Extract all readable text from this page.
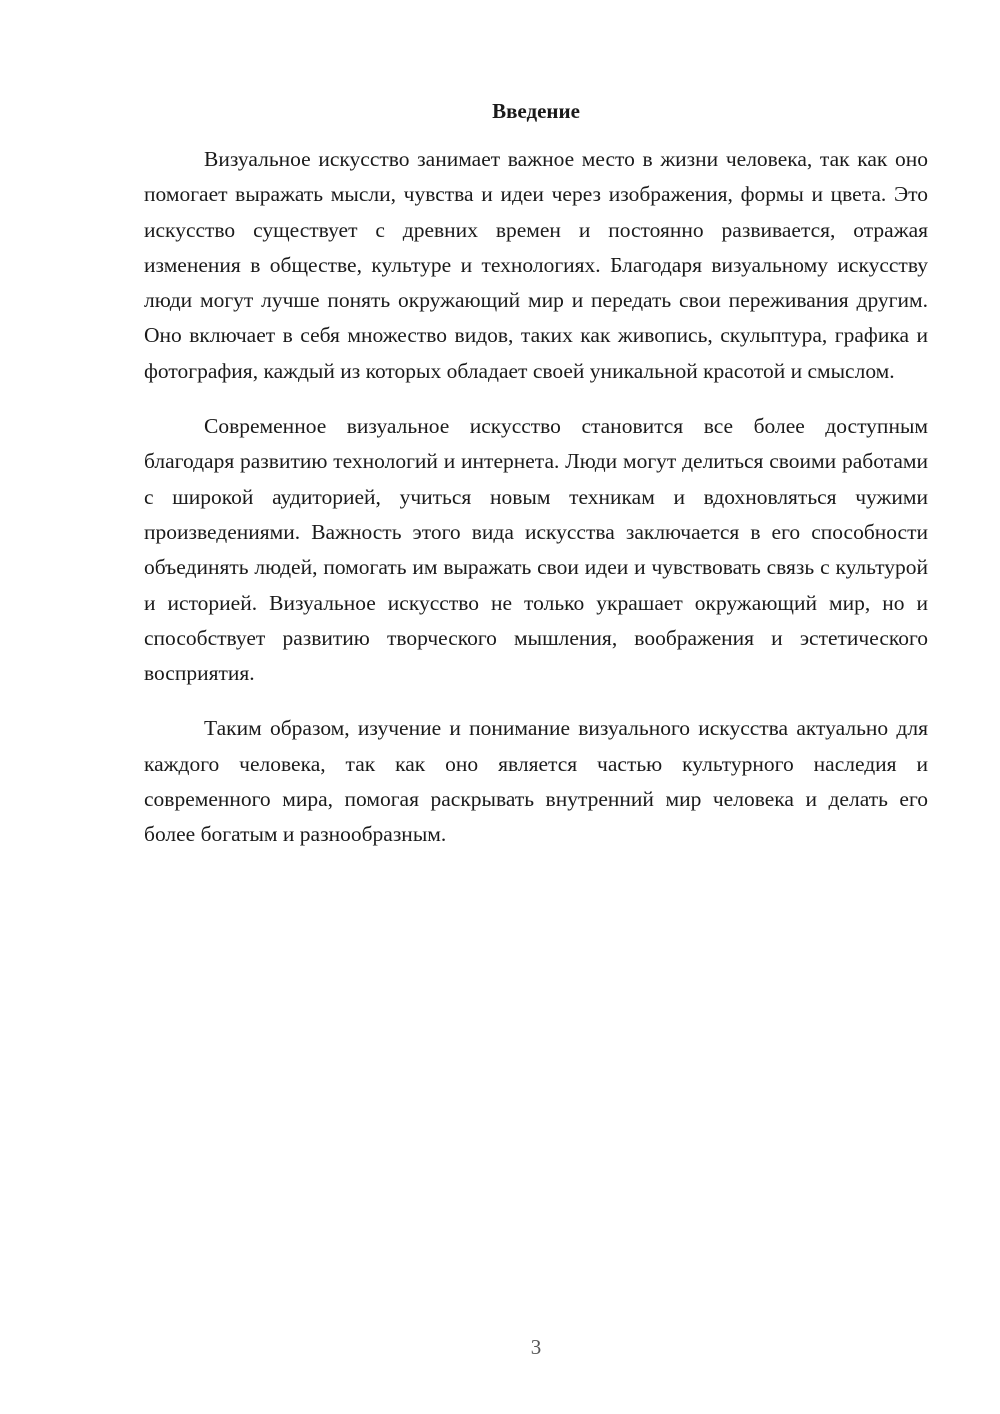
Введение

Визуальное искусство занимает важное место в жизни человека, так как оно помогает выражать мысли, чувства и идеи через изображения, формы и цвета. Это искусство существует с древних времен и постоянно развивается, отражая изменения в обществе, культуре и технологиях. Благодаря визуальному искусству люди могут лучше понять окружающий мир и передать свои переживания другим. Оно включает в себя множество видов, таких как живопись, скульптура, графика и фотография, каждый из которых обладает своей уникальной красотой и смыслом.

Современное визуальное искусство становится все более доступным благодаря развитию технологий и интернета. Люди могут делиться своими работами с широкой аудиторией, учиться новым техникам и вдохновляться чужими произведениями. Важность этого вида искусства заключается в его способности объединять людей, помогать им выражать свои идеи и чувствовать связь с культурой и историей. Визуальное искусство не только украшает окружающий мир, но и способствует развитию творческого мышления, воображения и эстетического восприятия.

Таким образом, изучение и понимание визуального искусства актуально для каждого человека, так как оно является частью культурного наследия и современного мира, помогая раскрывать внутренний мир человека и делать его более богатым и разнообразным.

3
